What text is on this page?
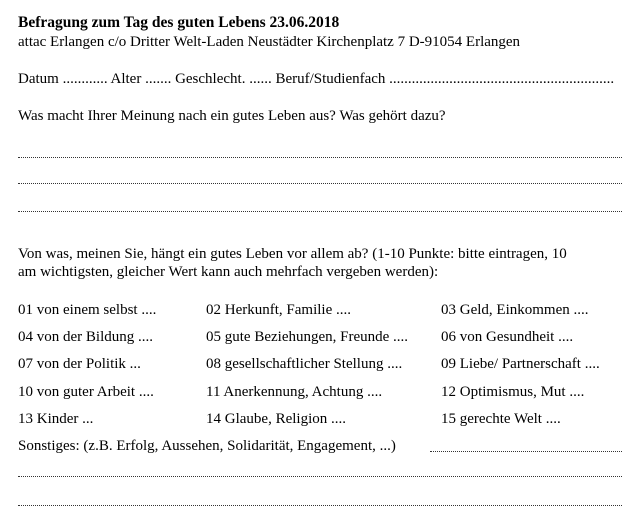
Befragung zum Tag des guten Lebens 23.06.2018
attac Erlangen c/o Dritter Welt-Laden Neustädter Kirchenplatz 7 D-91054 Erlangen
Datum ............ Alter ....... Geschlecht. ...... Beruf/Studienfach ............................................................
Was macht Ihrer Meinung nach ein gutes Leben aus? Was gehört dazu?
Von was, meinen Sie, hängt ein gutes Leben vor allem ab? (1-10 Punkte: bitte eintragen, 10
am wichtigsten, gleicher Wert kann auch mehrfach vergeben werden):
01 von einem selbst ....	02 Herkunft, Familie ....	03 Geld, Einkommen ....
04 von der Bildung ....	05 gute Beziehungen, Freunde .... 06 von Gesundheit ....
07 von der Politik ...	08 gesellschaftlicher Stellung ....	09 Liebe/ Partnerschaft ....
10 von guter Arbeit ....	11 Anerkennung, Achtung ....	12 Optimismus, Mut ....
13 Kinder ...	14 Glaube, Religion ....	15 gerechte Welt ....
Sonstiges: (z.B. Erfolg, Aussehen, Solidarität, Engagement, ...)
